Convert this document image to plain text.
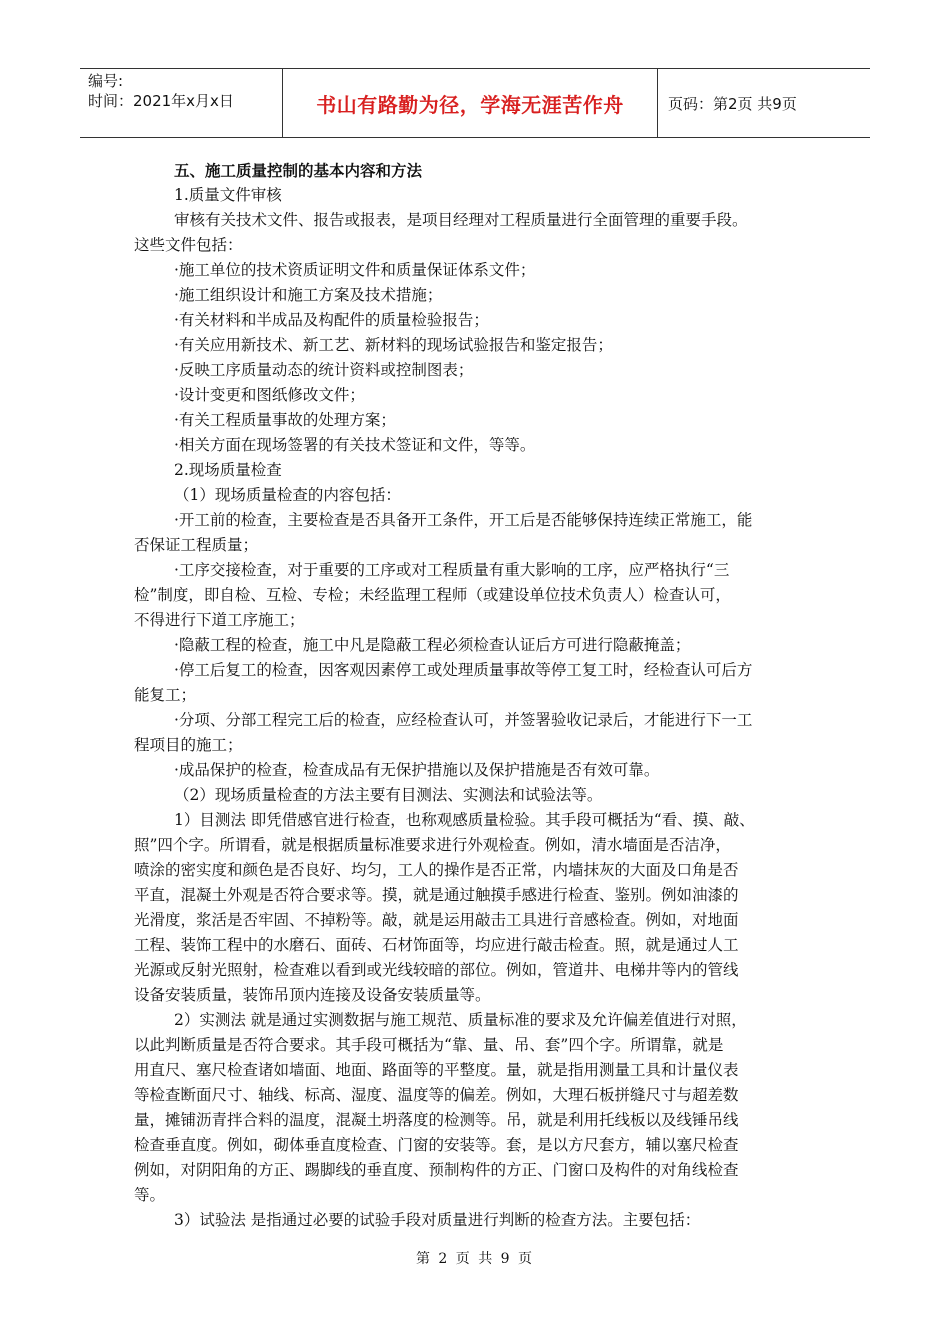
编号:
时间：2021年x月x日	书山有路勤为径，学海无涯苦作舟	页码：第2页 共9页

五、施工质量控制的基本内容和方法

1.质量文件审核

审核有关技术文件、报告或报表，是项目经理对工程质量进行全面管理的重要手段。

这些文件包括：

·施工单位的技术资质证明文件和质量保证体系文件；

·施工组织设计和施工方案及技术措施；

·有关材料和半成品及构配件的质量检验报告；

·有关应用新技术、新工艺、新材料的现场试验报告和鉴定报告；

·反映工序质量动态的统计资料或控制图表；

·设计变更和图纸修改文件；

·有关工程质量事故的处理方案；

·相关方面在现场签署的有关技术签证和文件，等等。

2.现场质量检查

（1）现场质量检查的内容包括：

·开工前的检查，主要检查是否具备开工条件，开工后是否能够保持连续正常施工，能

否保证工程质量；

·工序交接检查，对于重要的工序或对工程质量有重大影响的工序，应严格执行“三

检”制度，即自检、互检、专检；未经监理工程师（或建设单位技术负责人）检查认可，

不得进行下道工序施工；

·隐蔽工程的检查，施工中凡是隐蔽工程必须检查认证后方可进行隐蔽掩盖；

·停工后复工的检查，因客观因素停工或处理质量事故等停工复工时，经检查认可后方

能复工；

·分项、分部工程完工后的检查，应经检查认可，并签署验收记录后，才能进行下一工

程项目的施工；

·成品保护的检查，检查成品有无保护措施以及保护措施是否有效可靠。

（2）现场质量检查的方法主要有目测法、实测法和试验法等。

1）目测法 即凭借感官进行检查，也称观感质量检验。其手段可概括为“看、摸、敲、

照”四个字。所谓看，就是根据质量标准要求进行外观检查。例如，清水墙面是否洁净，

喷涂的密实度和颜色是否良好、均匀，工人的操作是否正常，内墙抹灰的大面及口角是否

平直，混凝土外观是否符合要求等。摸，就是通过触摸手感进行检查、鉴别。例如油漆的

光滑度，浆活是否牢固、不掉粉等。敲，就是运用敲击工具进行音感检查。例如，对地面

工程、装饰工程中的水磨石、面砖、石材饰面等，均应进行敲击检查。照，就是通过人工

光源或反射光照射，检查难以看到或光线较暗的部位。例如，管道井、电梯井等内的管线

设备安装质量，装饰吊顶内连接及设备安装质量等。

2）实测法 就是通过实测数据与施工规范、质量标准的要求及允许偏差值进行对照，

以此判断质量是否符合要求。其手段可概括为“靠、量、吊、套”四个字。所谓靠，就是

用直尺、塞尺检查诸如墙面、地面、路面等的平整度。量，就是指用测量工具和计量仪表

等检查断面尺寸、轴线、标高、湿度、温度等的偏差。例如，大理石板拼缝尺寸与超差数

量，摊铺沥青拌合料的温度，混凝土坍落度的检测等。吊，就是利用托线板以及线锤吊线

检查垂直度。例如，砌体垂直度检查、门窗的安装等。套，是以方尺套方，辅以塞尺检查

例如，对阴阳角的方正、踢脚线的垂直度、预制构件的方正、门窗口及构件的对角线检查

等。

3）试验法 是指通过必要的试验手段对质量进行判断的检查方法。主要包括：

第 2 页 共 9 页
